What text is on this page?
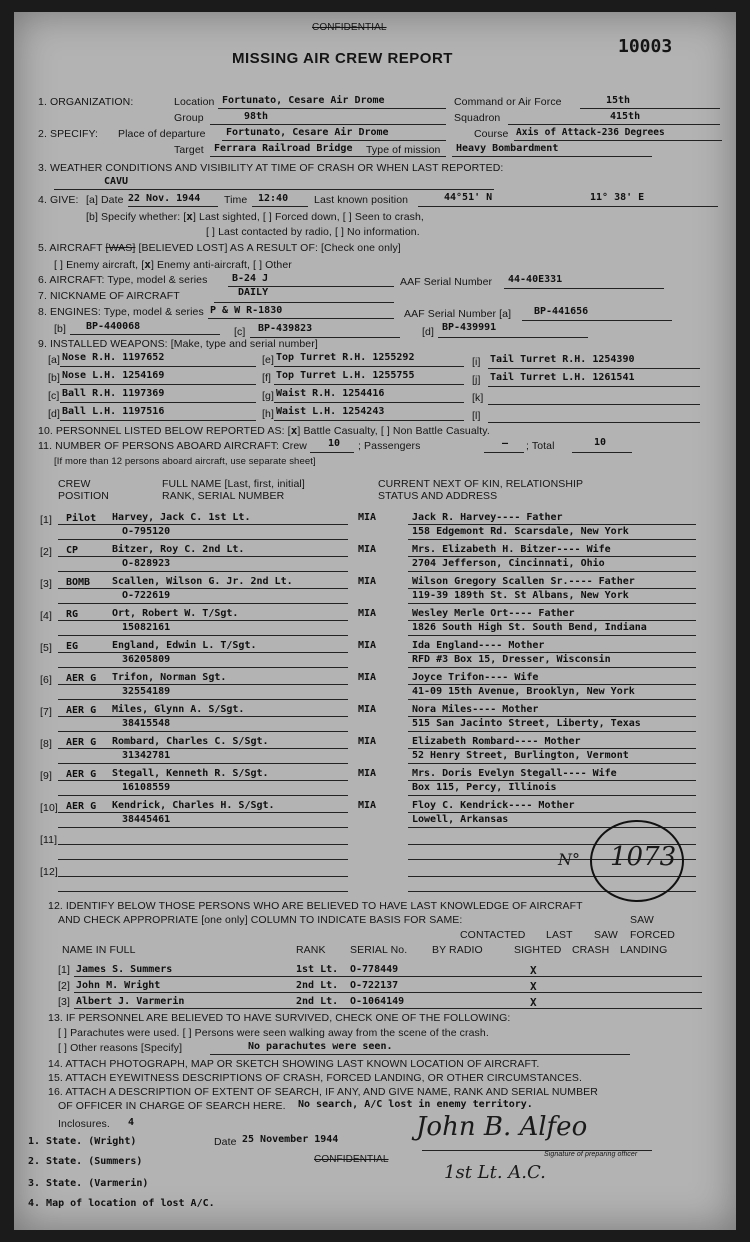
CONFIDENTIAL
MISSING AIR CREW REPORT
10003
1. ORGANIZATION:	Location Fortunato, Cesare Air Drome	Command or Air Force	15th
Group	98th	Squadron	415th
2. SPECIFY: Place of departure Fortunato, Cesare Air Drome	Course Axis of Attack-236 Degrees
Target Ferrara Railroad Bridge Type of mission Heavy Bombardment
3. WEATHER CONDITIONS AND VISIBILITY AT TIME OF CRASH OR WHEN LAST REPORTED:
CAVU
4. GIVE: [a] Date 22 Nov. 1944 Time 12:40 Last known position	44°51' N	11° 38' E
[b] Specify whether: [x] Last sighted, [ ] Forced down, [ ] Seen to crash,
[ ] Last contacted by radio, [ ] No information.
5. AIRCRAFT [WAS] [BELIEVED LOST] AS A RESULT OF: [Check one only]
[ ] Enemy aircraft, [x] Enemy anti-aircraft, [ ] Other
6. AIRCRAFT: Type, model & series B-24 J	AAF Serial Number 44-40E331
7. NICKNAME OF AIRCRAFT	DAILY
8. ENGINES: Type, model & series P & W R-1830	AAF Serial Number [a] BP-441656
[b] BP-440068	[c] BP-439823	[d] BP-439991
9. INSTALLED WEAPONS: [Make, type and serial number]
[a] Nose R.H. 1197652	[e] Top Turret R.H. 1255292	[i] Tail Turret R.H. 1254390
[b] Nose L.H. 1254169	[f] Top Turret L.H. 1255755	[j] Tail Turret L.H. 1261541
[c] Ball R.H. 1197369	[g] Waist R.H. 1254416	[k]
[d] Ball L.H. 1197516	[h] Waist L.H. 1254243	[l]
10. PERSONNEL LISTED BELOW REPORTED AS: [x] Battle Casualty, [ ] Non Battle Casualty.
11. NUMBER OF PERSONS ABOARD AIRCRAFT: Crew 10 ; Passengers	— ; Total	10
[If more than 12 persons aboard aircraft, use separate sheet]
CREW
POSITION
FULL NAME [Last, first, initial]
RANK, SERIAL NUMBER
CURRENT NEXT OF KIN, RELATIONSHIP
STATUS AND ADDRESS
[1] Pilot Harvey, Jack C. 1st Lt.
O-795120
MIA	Jack R. Harvey---- Father
158 Edgemont Rd. Scarsdale, New York
[2] CP	Bitzer, Roy C. 2nd Lt.
O-828923
MIA	Mrs. Elizabeth H. Bitzer---- Wife
2704 Jefferson, Cincinnati, Ohio
[3] BOMB Scallen, Wilson G. Jr. 2nd Lt.
O-722619
MIA	Wilson Gregory Scallen Sr.---- Father
119-39 189th St. St Albans, New York
[4] RG	Ort, Robert W. T/Sgt.
15082161
MIA	Wesley Merle Ort---- Father
1826 South High St. South Bend, Indiana
[5] EG	England, Edwin L. T/Sgt.
36205809
MIA	Ida England---- Mother
RFD #3 Box 15, Dresser, Wisconsin
[6] AER G Trifon, Norman Sgt.
32554189
MIA	Joyce Trifon---- Wife
41-09 15th Avenue, Brooklyn, New York
[7] AER G Miles, Glynn A. S/Sgt.
38415548
MIA	Nora Miles---- Mother
515 San Jacinto Street, Liberty, Texas
[8] AER G Rombard, Charles C. S/Sgt.
31342781
MIA	Elizabeth Rombard---- Mother
52 Henry Street, Burlington, Vermont
[9] AER G Stegall, Kenneth R. S/Sgt.
16108559
MIA	Mrs. Doris Evelyn Stegall---- Wife
Box 115, Percy, Illinois
[10] AER G Kendrick, Charles H. S/Sgt.
38445461
MIA	Floy C. Kendrick---- Mother
Lowell, Arkansas
[11]
[12]
N° 1073
12. IDENTIFY BELOW THOSE PERSONS WHO ARE BELIEVED TO HAVE LAST KNOWLEDGE OF AIRCRAFT
AND CHECK APPROPRIATE [one only] COLUMN TO INDICATE BASIS FOR SAME:	SAW
CONTACTED LAST SAW FORCED
NAME IN FULL	RANK SERIAL No. BY RADIO	SIGHTED CRASH LANDING
[1] James S. Summers	1st Lt. O-778449	X
[2] John M. Wright	2nd Lt. O-722137	X
[3] Albert J. Varmerin	2nd Lt. O-1064149	X
13. IF PERSONNEL ARE BELIEVED TO HAVE SURVIVED, CHECK ONE OF THE FOLLOWING:
[ ] Parachutes were used. [ ] Persons were seen walking away from the scene of the crash.
[ ] Other reasons [Specify]	No parachutes were seen.
14. ATTACH PHOTOGRAPH, MAP OR SKETCH SHOWING LAST KNOWN LOCATION OF AIRCRAFT.
15. ATTACH EYEWITNESS DESCRIPTIONS OF CRASH, FORCED LANDING, OR OTHER CIRCUMSTANCES.
16. ATTACH A DESCRIPTION OF EXTENT OF SEARCH, IF ANY, AND GIVE NAME, RANK AND SERIAL NUMBER
OF OFFICER IN CHARGE OF SEARCH HERE. No search, A/C lost in enemy territory.
Inclosures. 4
1. State. (Wright)
2. State. (Summers)
3. State. (Varmerin)
4. Map of location of lost A/C.
Date 25 November 1944
CONFIDENTIAL
John B. Alfeo
Signature of preparing officer
1st Lt. A.C.
